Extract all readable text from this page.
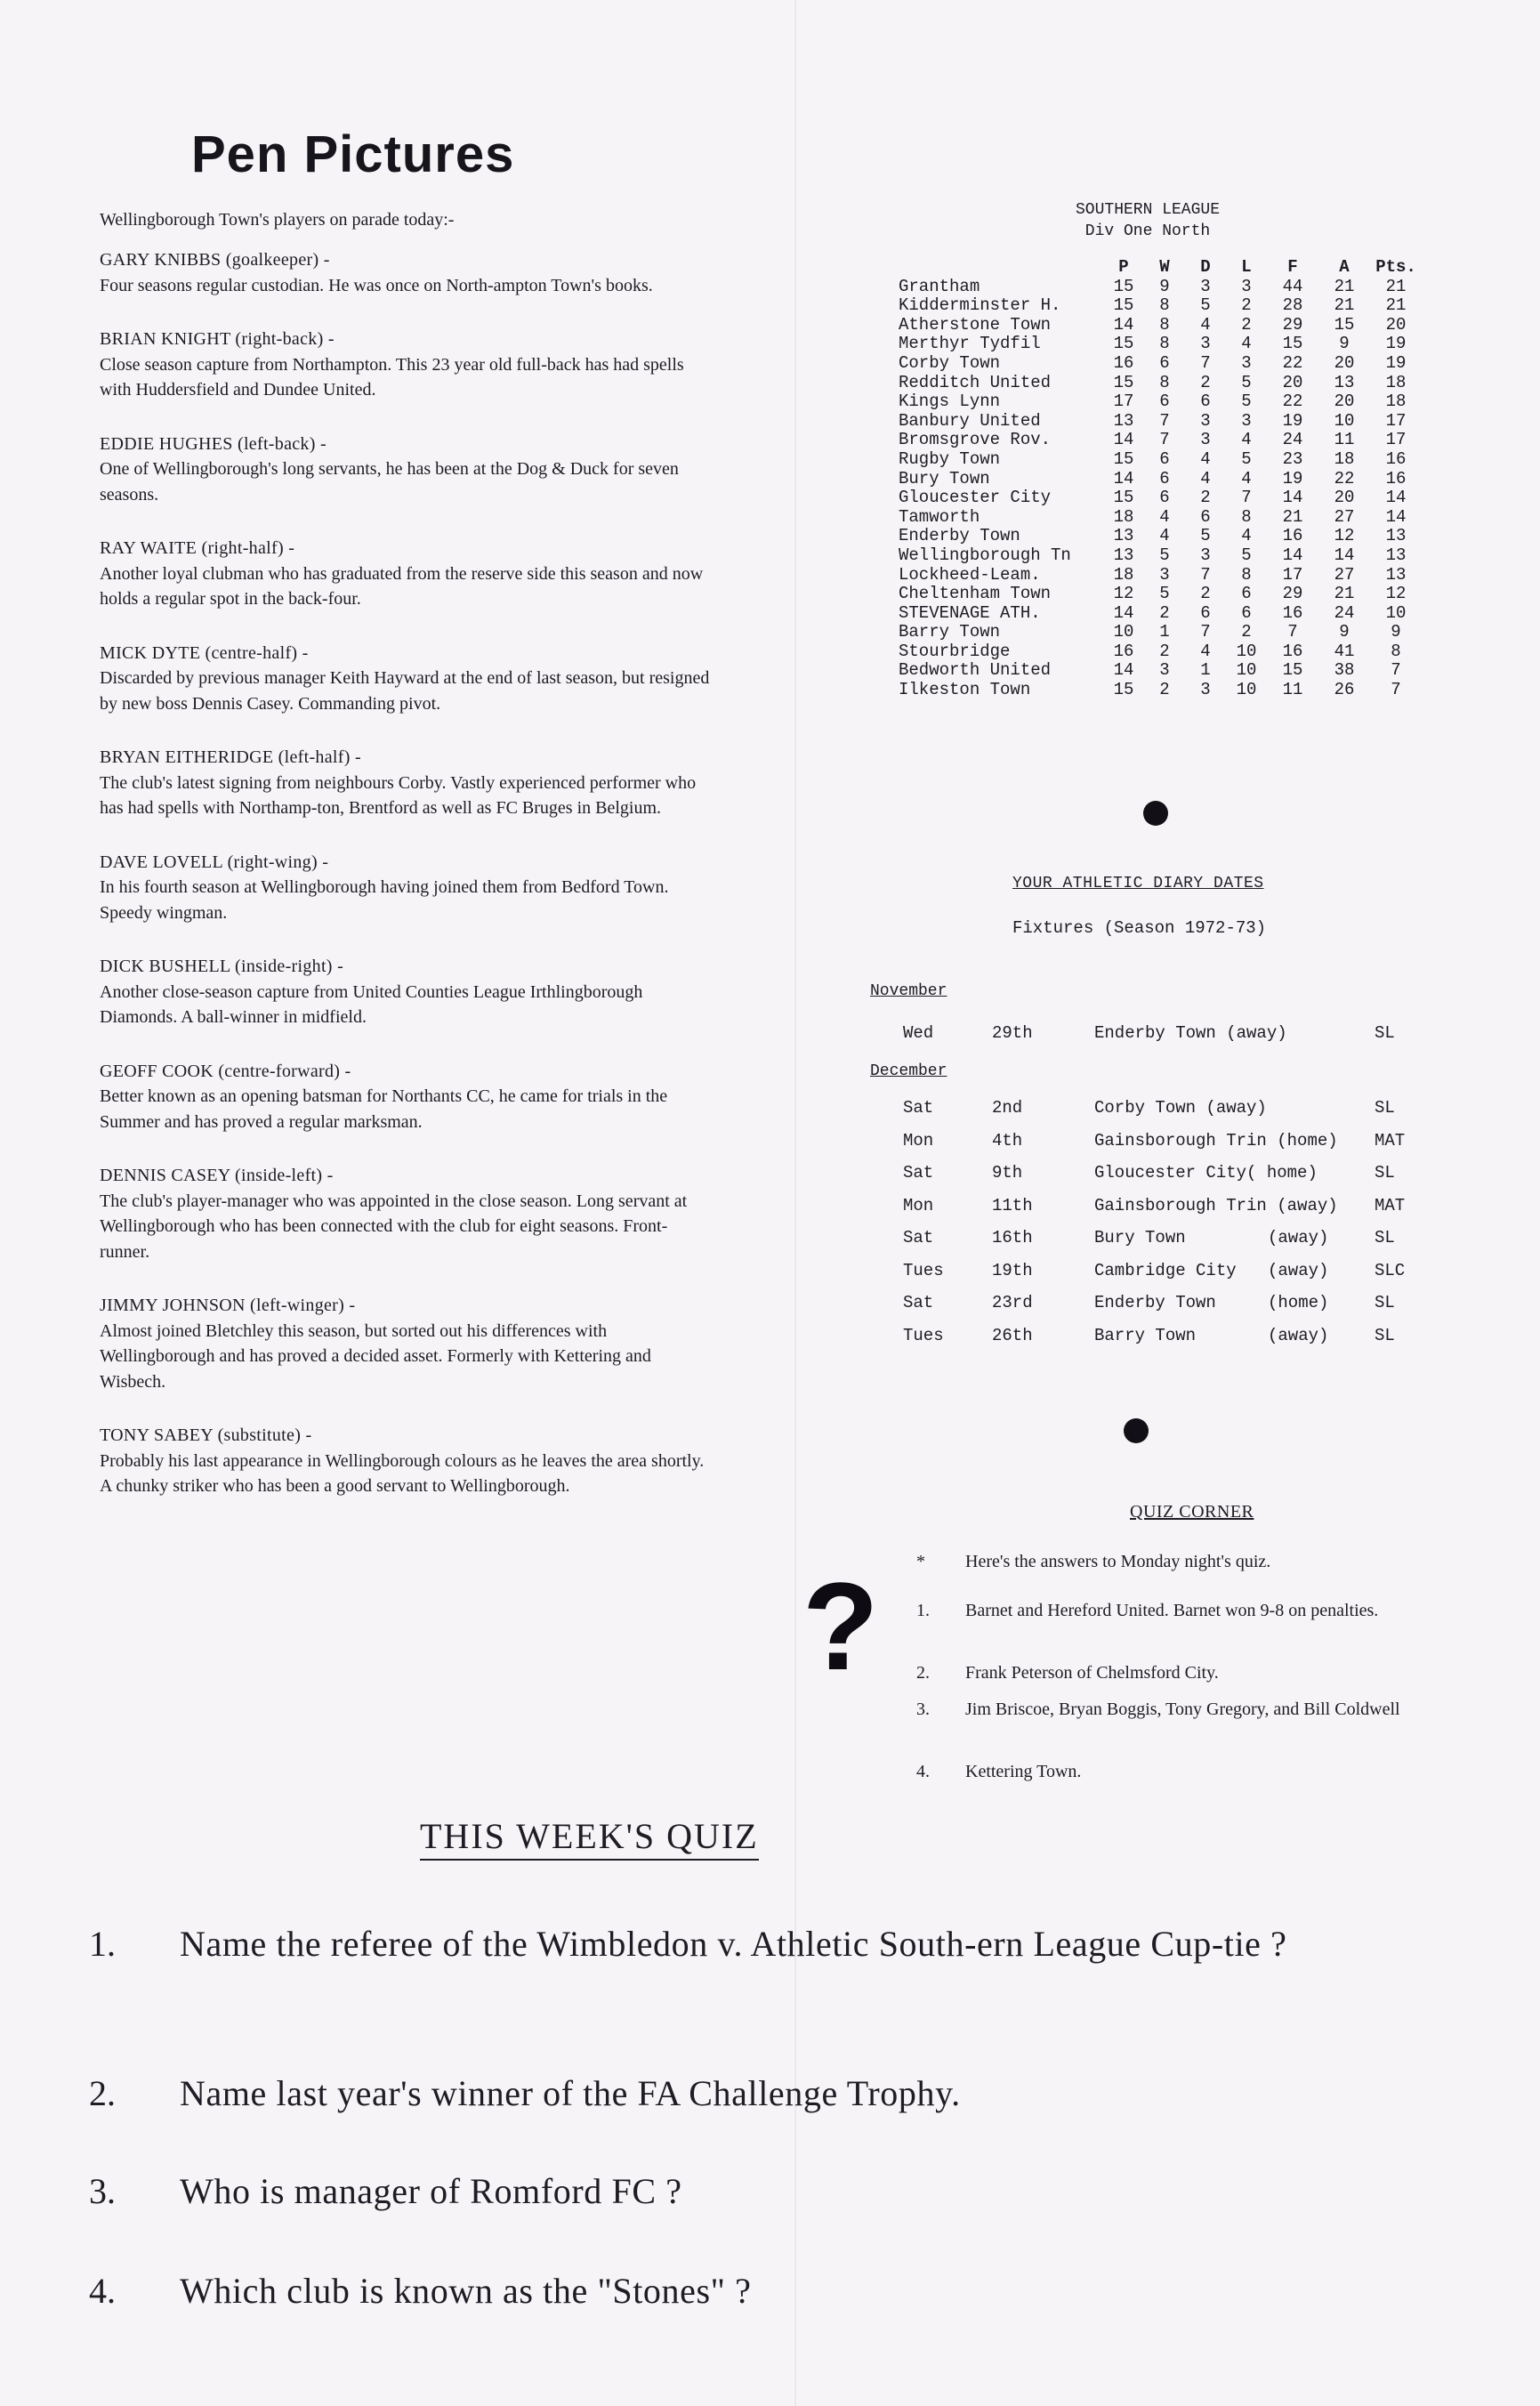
Pen Pictures

Wellingborough Town's players on parade today:-

GARY KNIBBS (goalkeeper) -
Four seasons regular custodian. He was once on North-ampton Town's books.
BRIAN KNIGHT (right-back) -
Close season capture from Northampton. This 23 year old full-back has had spells with Huddersfield and Dundee United.
EDDIE HUGHES (left-back) -
One of Wellingborough's long servants, he has been at the Dog & Duck for seven seasons.
RAY WAITE (right-half) -
Another loyal clubman who has graduated from the reserve side this season and now holds a regular spot in the back-four.
MICK DYTE (centre-half) -
Discarded by previous manager Keith Hayward at the end of last season, but resigned by new boss Dennis Casey. Commanding pivot.
BRYAN EITHERIDGE (left-half) -
The club's latest signing from neighbours Corby. Vastly experienced performer who has had spells with Northamp-ton, Brentford as well as FC Bruges in Belgium.
DAVE LOVELL (right-wing) -
In his fourth season at Wellingborough having joined them from Bedford Town. Speedy wingman.
DICK BUSHELL (inside-right) -
Another close-season capture from United Counties League Irthlingborough Diamonds. A ball-winner in midfield.
GEOFF COOK (centre-forward) -
Better known as an opening batsman for Northants CC, he came for trials in the Summer and has proved a regular marksman.
DENNIS CASEY (inside-left) -
The club's player-manager who was appointed in the close season. Long servant at Wellingborough who has been connected with the club for eight seasons. Front-runner.
JIMMY JOHNSON (left-winger) -
Almost joined Bletchley this season, but sorted out his differences with Wellingborough and has proved a decided asset. Formerly with Kettering and Wisbech.
TONY SABEY (substitute) -
Probably his last appearance in Wellingborough colours as he leaves the area shortly. A chunky striker who has been a good servant to Wellingborough.
SOUTHERN LEAGUE
Div One North
	P	W	D	L	F	A	Pts.
Grantham	15	9	3	3	44	21	21
Kidderminster H.	15	8	5	2	28	21	21
Atherstone Town	14	8	4	2	29	15	20
Merthyr Tydfil	15	8	3	4	15	9	19
Corby Town	16	6	7	3	22	20	19
Redditch United	15	8	2	5	20	13	18
Kings Lynn	17	6	6	5	22	20	18
Banbury United	13	7	3	3	19	10	17
Bromsgrove Rov.	14	7	3	4	24	11	17
Rugby Town	15	6	4	5	23	18	16
Bury Town	14	6	4	4	19	22	16
Gloucester City	15	6	2	7	14	20	14
Tamworth	18	4	6	8	21	27	14
Enderby Town	13	4	5	4	16	12	13
Wellingborough Tn	13	5	3	5	14	14	13
Lockheed-Leam.	18	3	7	8	17	27	13
Cheltenham Town	12	5	2	6	29	21	12
STEVENAGE ATH.	14	2	6	6	16	24	10
Barry Town	10	1	7	2	7	9	9
Stourbridge	16	2	4	10	16	41	8
Bedworth United	14	3	1	10	15	38	7
Ilkeston Town	15	2	3	10	11	26	7
YOUR ATHLETIC DIARY DATES
Fixtures (Season 1972-73)
November
December
Wed	29th	Enderby Town (away)	SL
Sat	2nd	Corby Town (away)	SL
Mon	4th	Gainsborough Trin (home) MAT
Sat	9th	Gloucester City( home)	SL
Mon	11th	Gainsborough Trin (away) MAT
Sat	16th	Bury Town	(away)	SL
Tues	19th	Cambridge City (away)	SLC
Sat	23rd	Enderby Town	(home)	SL
Tues	26th	Barry Town	(away)	SL
QUIZ CORNER
? * Here's the answers to Monday night's quiz.
1. Barnet and Hereford United. Barnet won 9-8 on penalties.
2. Frank Peterson of Chelmsford City.
3. Jim Briscoe, Bryan Boggis, Tony Gregory, and Bill Coldwell
4. Kettering Town.
THIS WEEK'S QUIZ
1. Name the referee of the Wimbledon v. Athletic South-ern League Cup-tie ?
2. Name last year's winner of the FA Challenge Trophy.
3. Who is manager of Romford FC ?
4. Which club is known as the "Stones" ?
